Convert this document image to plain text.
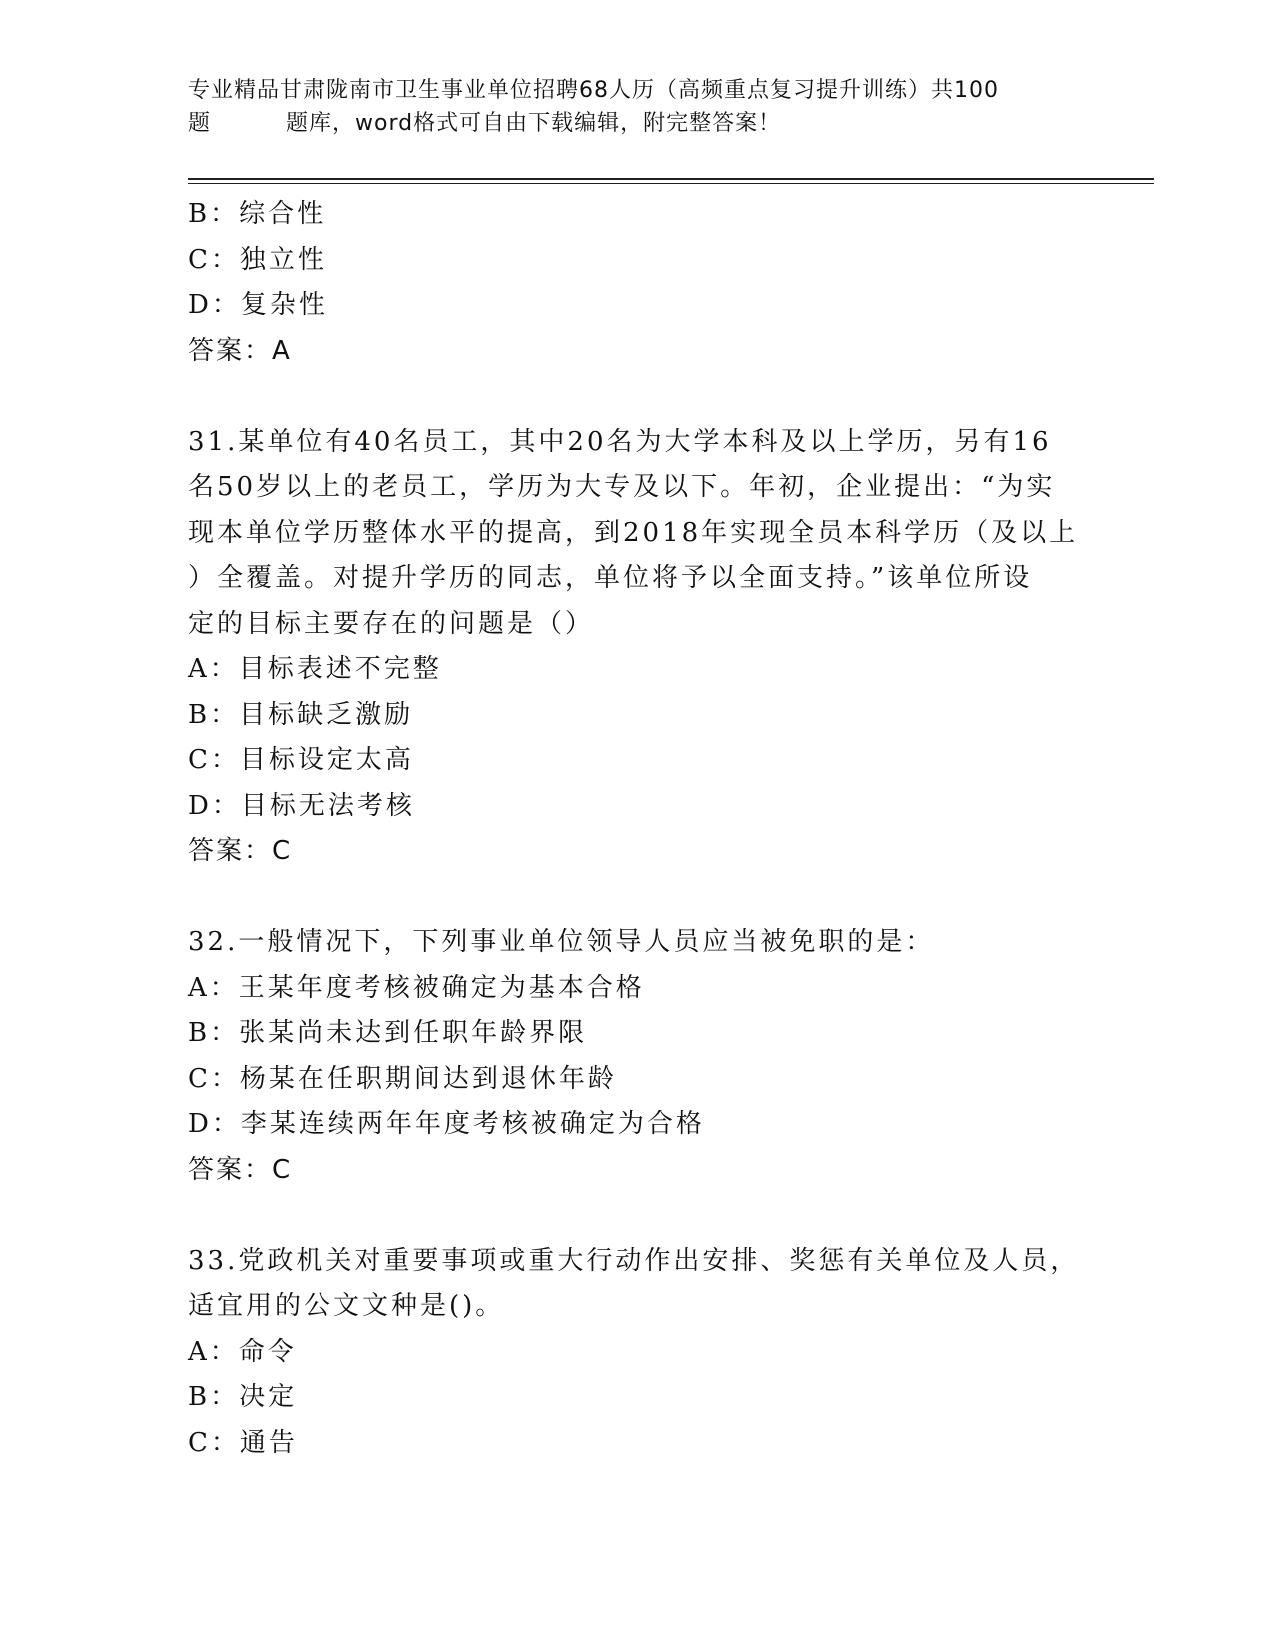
专业精品甘肃陇南市卫生事业单位招聘68人历（高频重点复习提升训练）共100
题	题库，word格式可自由下载编辑，附完整答案！
B：综合性
C：独立性
D：复杂性
答案：A
31.某单位有40名员工，其中20名为大学本科及以上学历，另有16
名50岁以上的老员工，学历为大专及以下。年初，企业提出：“为实
现本单位学历整体水平的提高，到2018年实现全员本科学历（及以上
）全覆盖。对提升学历的同志，单位将予以全面支持。”该单位所设
定的目标主要存在的问题是（）
A：目标表述不完整
B：目标缺乏激励
C：目标设定太高
D：目标无法考核
答案：C
32.一般情况下，下列事业单位领导人员应当被免职的是：
A：王某年度考核被确定为基本合格
B：张某尚未达到任职年龄界限
C：杨某在任职期间达到退休年龄
D：李某连续两年年度考核被确定为合格
答案：C
33.党政机关对重要事项或重大行动作出安排、奖惩有关单位及人员，
适宜用的公文文种是()。
A：命令
B：决定
C：通告
